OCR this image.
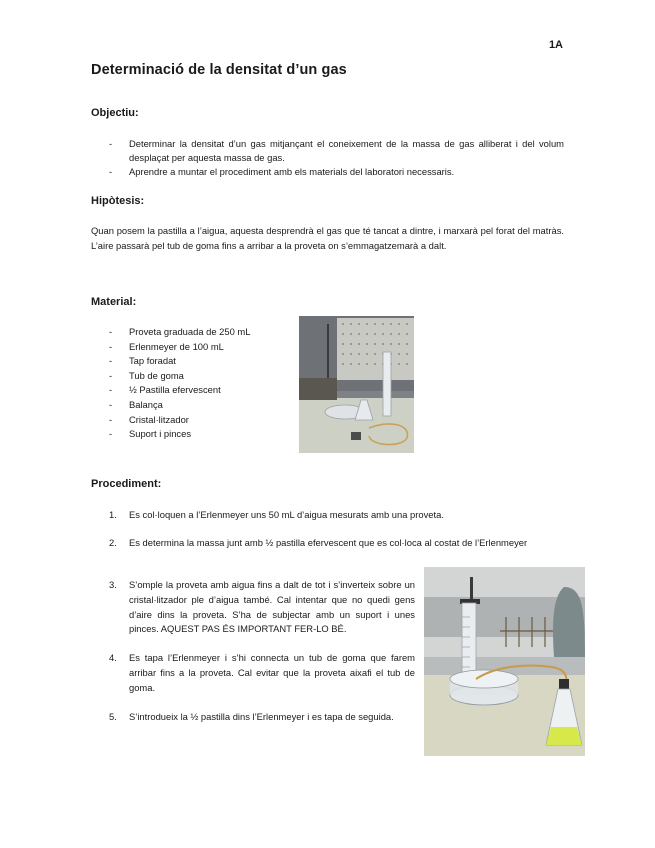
1A
Determinació de la densitat d’un gas
Objectiu:
- Determinar la densitat d’un gas mitjançant el coneixement de la massa de gas alliberat i del volum desplaçat per aquesta massa de gas.
- Aprendre a muntar el procediment amb els materials del laboratori necessaris.
Hipòtesis:
Quan posem la pastilla a l’aigua, aquesta desprendrà el gas que té tancat a dintre, i marxarà pel forat del matràs. L’aire passarà pel tub de goma fins a arribar a la proveta on s’emmagatzemarà a dalt.
Material:
- Proveta graduada de 250 mL
- Erlenmeyer de 100 mL
- Tap foradat
- Tub de goma
- ½ Pastilla efervescent
- Balança
- Cristal·litzador
- Suport i pinces
Procediment:
1. Es col·loquen a l’Erlenmeyer uns 50 mL d’aigua mesurats amb una proveta.
2. Es determina la massa junt amb ½ pastilla efervescent que es col·loca al costat de l’Erlenmeyer
3. S’omple la proveta amb aigua fins a dalt de tot i s’inverteix sobre un cristal·litzador ple d’aigua també. Cal intentar que no quedi gens d’aire dins la proveta. S’ha de subjectar amb un suport i unes pinces. AQUEST PAS ÉS IMPORTANT FER-LO BÉ.
4. Es tapa l’Erlenmeyer i s’hi connecta un tub de goma que farem arribar fins a la proveta. Cal evitar que la proveta aixafi el tub de goma.
5. S’introdueix la ½ pastilla dins l’Erlenmeyer i es tapa de seguida.
